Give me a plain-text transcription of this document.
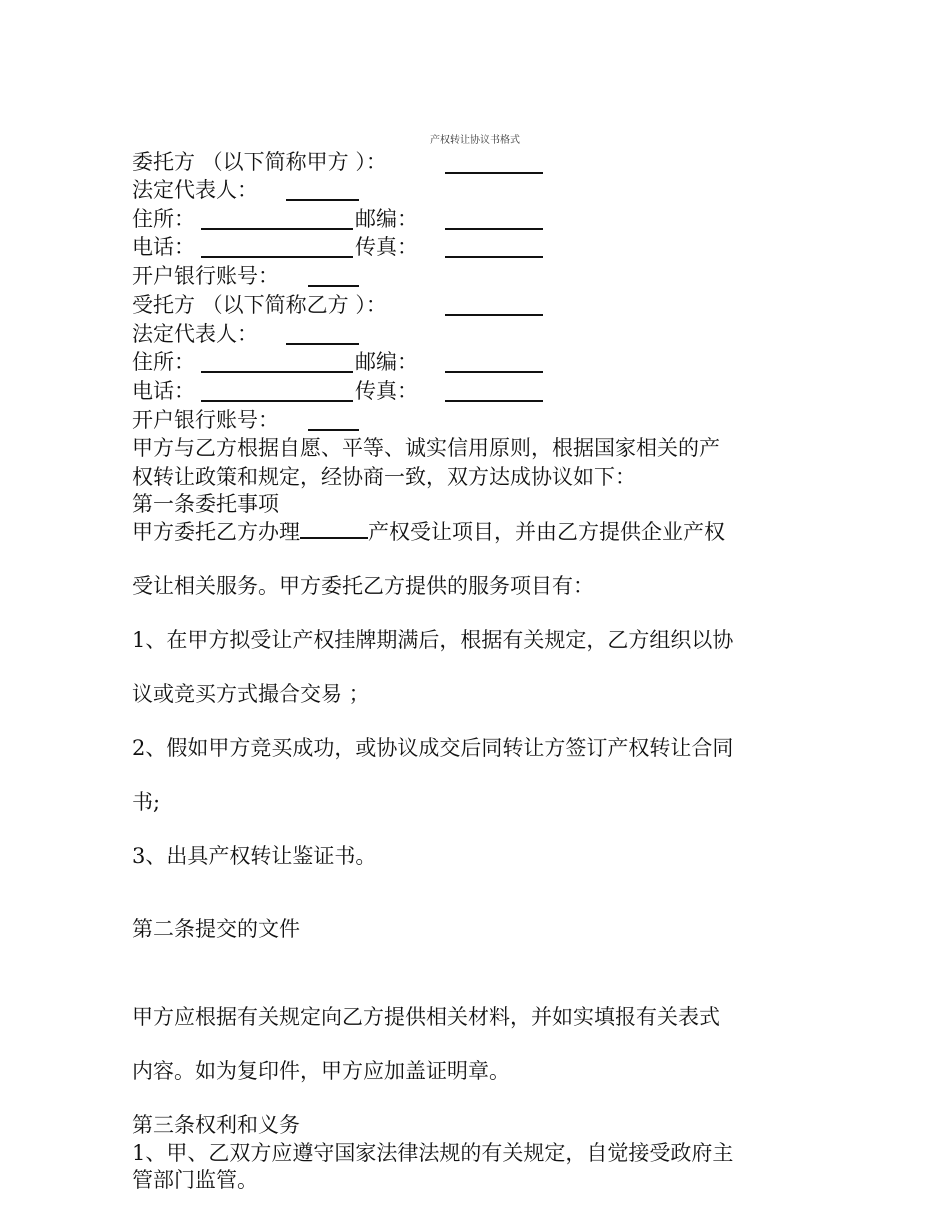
产权转让协议书格式
委托方 （以下简称甲方 ）：
法定代表人：
住所：	邮编：
电话：	传真：
开户银行账号：
受托方 （以下简称乙方 ）：
法定代表人：
住所：	邮编：
电话：	传真：
开户银行账号：
甲方与乙方根据自愿、平等、诚实信用原则，根据国家相关的产
权转让政策和规定，经协商一致，双方达成协议如下：
第一条委托事项
甲方委托乙方办理	产权受让项目，并由乙方提供企业产权
受让相关服务。甲方委托乙方提供的服务项目有：
1、在甲方拟受让产权挂牌期满后，根据有关规定，乙方组织以协
议或竞买方式撮合交易 ；
2、假如甲方竞买成功，或协议成交后同转让方签订产权转让合同
书;
3、出具产权转让鉴证书。
第二条提交的文件
甲方应根据有关规定向乙方提供相关材料，并如实填报有关表式
内容。如为复印件，甲方应加盖证明章。
第三条权利和义务
1、甲、乙双方应遵守国家法律法规的有关规定，自觉接受政府主
管部门监管。
